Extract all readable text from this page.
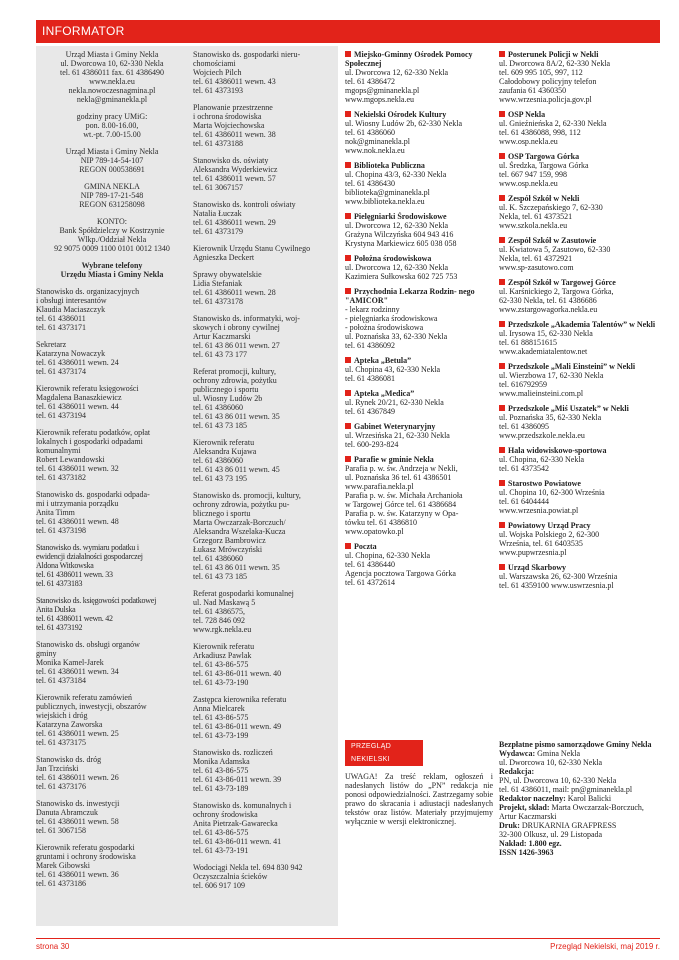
INFORMATOR
Urząd Miasta i Gminy Nekla
ul. Dworcowa 10, 62-330 Nekla
tel. 61 4386011 fax. 61 4386490
www.nekla.eu
nekla.nowoczesnagmina.pl
nekla@gminanekla.pl
godziny pracy UMiG:
pon. 8.00-16.00,
wt.-pt. 7.00-15.00
Urząd Miasta i Gminy Nekla
NIP 789-14-54-107
REGON 000538691
GMINA NEKLA
NIP 789-17-21-548
REGON 631258098
KONTO:
Bank Spółdzielczy w Kostrzynie
Wlkp./Oddział Nekla
92 9075 0009 1100 0101 0012 1340
Wybrane telefony
Urzędu Miasta i Gminy Nekla
Stanowisko ds. organizacyjnych
i obsługi interesantów
Klaudia Maciaszczyk
tel. 61 4386011
tel. 61 4373171
Sekretarz
Katarzyna Nowaczyk
tel. 61 4386011 wewn. 24
tel. 61 4373174
Kierownik referatu księgowości
Magdalena Banaszkiewicz
tel. 61 4386011 wewn. 44
tel. 61 4373194
Kierownik referatu podatków, opłat
lokalnych i gospodarki odpadami
komunalnymi
Robert Lewandowski
tel. 61 4386011 wewn. 32
tel. 61 4373182
Stanowisko ds. gospodarki odpada-
mi i utrzymania porządku
Anita Timm
tel. 61 4386011 wewn. 48
tel. 61 4373198
Stanowisko ds. wymiaru podatku i
ewidencji działalności gospodarczej
Aldona Witkowska
tel. 61 4386011 wewn. 33
tel. 61 4373183
Stanowisko ds. księgowości podatkowej
Anita Dulska
tel. 61 4386011 wewn. 42
tel. 61 4373192
Stanowisko ds. obsługi organów
gminy
Monika Kamel-Jarek
tel. 61 4386011 wewn. 34
tel. 61 4373184
Kierownik referatu zamówień
publicznych, inwestycji, obszarów
wiejskich i dróg
Katarzyna Zaworska
tel. 61 4386011 wewn. 25
tel. 61 4373175
Stanowisko ds. dróg
Jan Trzciński
tel. 61 4386011 wewn. 26
tel. 61 4373176
Stanowisko ds. inwestycji
Danuta Abramczuk
tel. 61 4386011 wewn. 58
tel. 61 3067158
Kierownik referatu gospodarki
gruntami i ochrony środowiska
Marek Gibowski
tel. 61 4386011 wewn. 36
tel. 61 4373186
Stanowisko ds. gospodarki nieru-
chomościami
Wojciech Pilch
tel. 61 4386011 wewn. 43
tel. 61 4373193
Planowanie przestrzenne
i ochrona środowiska
Marta Wojciechowska
tel. 61 4386011 wewn. 38
tel. 61 4373188
Stanowisko ds. oświaty
Aleksandra Wyderkiewicz
tel. 61 4386011 wewn. 57
tel. 61 3067157
Stanowisko ds. kontroli oświaty
Natalia Łuczak
tel. 61 4386011 wewn. 29
tel. 61 4373179
Kierownik Urzędu Stanu Cywilnego
Agnieszka Deckert
Sprawy obywatelskie
Lidia Stefaniak
tel. 61 4386011 wewn. 28
tel. 61 4373178
Stanowisko ds. informatyki, woj-
skowych i obrony cywilnej
Artur Kaczmarski
tel. 61 43 86 011 wewn. 27
tel. 61 43 73 177
Referat promocji, kultury,
ochrony zdrowia, pożytku
publicznego i sportu
ul. Wiosny Ludów 2b
tel. 61 4386060
tel. 61 43 86 011 wewn. 35
tel. 61 43 73 185
Kierownik referatu
Aleksandra Kujawa
tel. 61 4386060
tel. 61 43 86 011 wewn. 45
tel. 61 43 73 195
Stanowisko ds. promocji, kultury,
ochrony zdrowia, pożytku pu-
blicznego i sportu
Marta Owczarzak-Borczuch/
Aleksandra Wszelaka-Kucza
Grzegorz Bambrowicz
Łukasz Mrówczyński
tel. 61 4386060
tel. 61 43 86 011 wewn. 35
tel. 61 43 73 185
Referat gospodarki komunalnej
ul. Nad Maskawą 5
tel. 61 4386575,
tel. 728 846 092
www.rgk.nekla.eu
Kierownik referatu
Arkadiusz Pawlak
tel. 61 43-86-575
tel. 61 43-86-011 wewn. 40
tel. 61 43-73-190
Zastępca kierownika referatu
Anna Mielcarek
tel. 61 43-86-575
tel. 61 43-86-011 wewn. 49
tel. 61 43-73-199
Stanowisko ds. rozliczeń
Monika Adamska
tel. 61 43-86-575
tel. 61 43-86-011 wewn. 39
tel. 61 43-73-189
Stanowisko ds. komunalnych i
ochrony środowiska
Anita Pietrzak-Gawarecka
tel. 61 43-86-575
tel. 61 43-86-011 wewn. 41
tel. 61 43-73-191
Wodociągi Nekla tel. 694 830 942
Oczyszczalnia ścieków
tel. 606 917 109
Miejsko-Gminny Ośrodek Pomocy Społecznej
ul. Dworcowa 12, 62-330 Nekla
tel. 61 4386472
mgops@gminanekla.pl
www.mgops.nekla.eu
Nekielski Ośrodek Kultury
ul. Wiosny Ludów 2b, 62-330 Nekla
tel. 61 4386060
nok@gminanekla.pl
www.nok.nekla.eu
Biblioteka Publiczna
ul. Chopina 43/3, 62-330 Nekla
tel. 61 4386430
biblioteka@gminanekla.pl
www.biblioteka.nekla.eu
Pielęgniarki Środowiskowe
ul. Dworcowa 12, 62-330 Nekla
Grażyna Wilczyńska 604 943 416
Krystyna Markiewicz 605 038 058
Położna środowiskowa
ul. Dworcowa 12, 62-330 Nekla
Kazimiera Sułkowska 602 725 753
Przychodnia Lekarza Rodzin- nego "AMICOR"
- lekarz rodzinny
- pielęgniarka środowiskowa
- położna środowiskowa
ul. Poznańska 33, 62-330 Nekla
tel. 61 4386092
Apteka „Betula”
ul. Chopina 43, 62-330 Nekla
tel. 61 4386081
Apteka „Medica”
ul. Rynek 20/21, 62-330 Nekla
tel. 61 4367849
Gabinet Weterynaryjny
ul. Wrzesińska 21, 62-330 Nekla
tel. 600-293-824
Parafie w gminie Nekla
Parafia p. w. św. Andrzeja w Nekli,
ul. Poznańska 36 tel. 61 4386501
www.parafia.nekla.pl
Parafia p. w. św. Michała Archanioła
w Targowej Górce tel. 61 4386684
Parafia p. w. św. Katarzyny w Opa-
tówku tel. 61 4386810
www.opatowko.pl
Poczta
ul. Chopina, 62-330 Nekla
tel. 61 4386440
Agencja pocztowa Targowa Górka
tel. 61 4372614
Posterunek Policji w Nekli
ul. Dworcowa 8A/2, 62-330 Nekla
tel. 609 995 105, 997, 112
Całodobowy policyjny telefon
zaufania 61 4360350
www.wrzesnia.policja.gov.pl
OSP Nekla
ul. Gnieźnieńska 2, 62-330 Nekla
tel. 61 4386088, 998, 112
www.osp.nekla.eu
OSP Targowa Górka
ul. Średzka, Targowa Górka
tel. 667 947 159, 998
www.osp.nekla.eu
Zespół Szkół w Nekli
ul. K. Szczepańskiego 7, 62-330
Nekla, tel. 61 4373521
www.szkola.nekla.eu
Zespół Szkół w Zasutowie
ul. Kwiatowa 5, Zasutowo, 62-330
Nekla, tel. 61 4372921
www.sp-zasutowo.com
Zespół Szkół w Targowej Górce
ul. Karśnickiego 2, Targowa Górka,
62-330 Nekla, tel. 61 4386686
www.zstargowagorka.nekla.eu
Przedszkole „Akademia Talentów” w Nekli
ul. Irysowa 15, 62-330 Nekla
tel. 61 888151615
www.akademiatalentow.net
Przedszkole „Mali Einsteini” w Nekli
ul. Wierzbowa 17, 62-330 Nekla
tel. 616792959
www.malieinsteini.com.pl
Przedszkole „Miś Uszatek” w Nekli
ul. Poznańska 35, 62-330 Nekla
tel. 61 4386095
www.przedszkole.nekla.eu
Hala widowiskowo-sportowa
ul. Chopina, 62-330 Nekla
tel. 61 4373542
Starostwo Powiatowe
ul. Chopina 10, 62-300 Września
tel. 61 6404444
www.wrzesnia.powiat.pl
Powiatowy Urząd Pracy
ul. Wojska Polskiego 2, 62-300
Września, tel. 61 6403535
www.pupwrzesnia.pl
Urząd Skarbowy
ul. Warszawska 26, 62-300 Września
tel. 61 4359100 www.uswrzesnia.pl
PRZEGLĄD NEKIELSKI
UWAGA! Za treść reklam, ogłoszeń i nadesłanych listów do „PN” redakcja nie ponosi odpowiedzialności. Zastrzegamy sobie prawo do skracania i adiustacji nadesłanych tekstów oraz listów. Materiały przyjmujemy wyłącznie w wersji elektronicznej.
Bezpłatne pismo samorządowe Gminy Nekla
Wydawca: Gmina Nekla
ul. Dworcowa 10, 62-330 Nekla
Redakcja:
PN, ul. Dworcowa 10, 62-330 Nekla
tel. 61 4386011, mail: pn@gminanekla.pl
Redaktor naczelny: Karol Balicki
Projekt, skład: Marta Owczarzak-Borczuch,
Artur Kaczmarski
Druk: DRUKARNIA GRAFPRESS
32-300 Olkusz, ul. 29 Listopada
Nakład: 1.800 egz.
ISSN 1426-3963
strona 30	Przegląd Nekielski, maj 2019 r.
